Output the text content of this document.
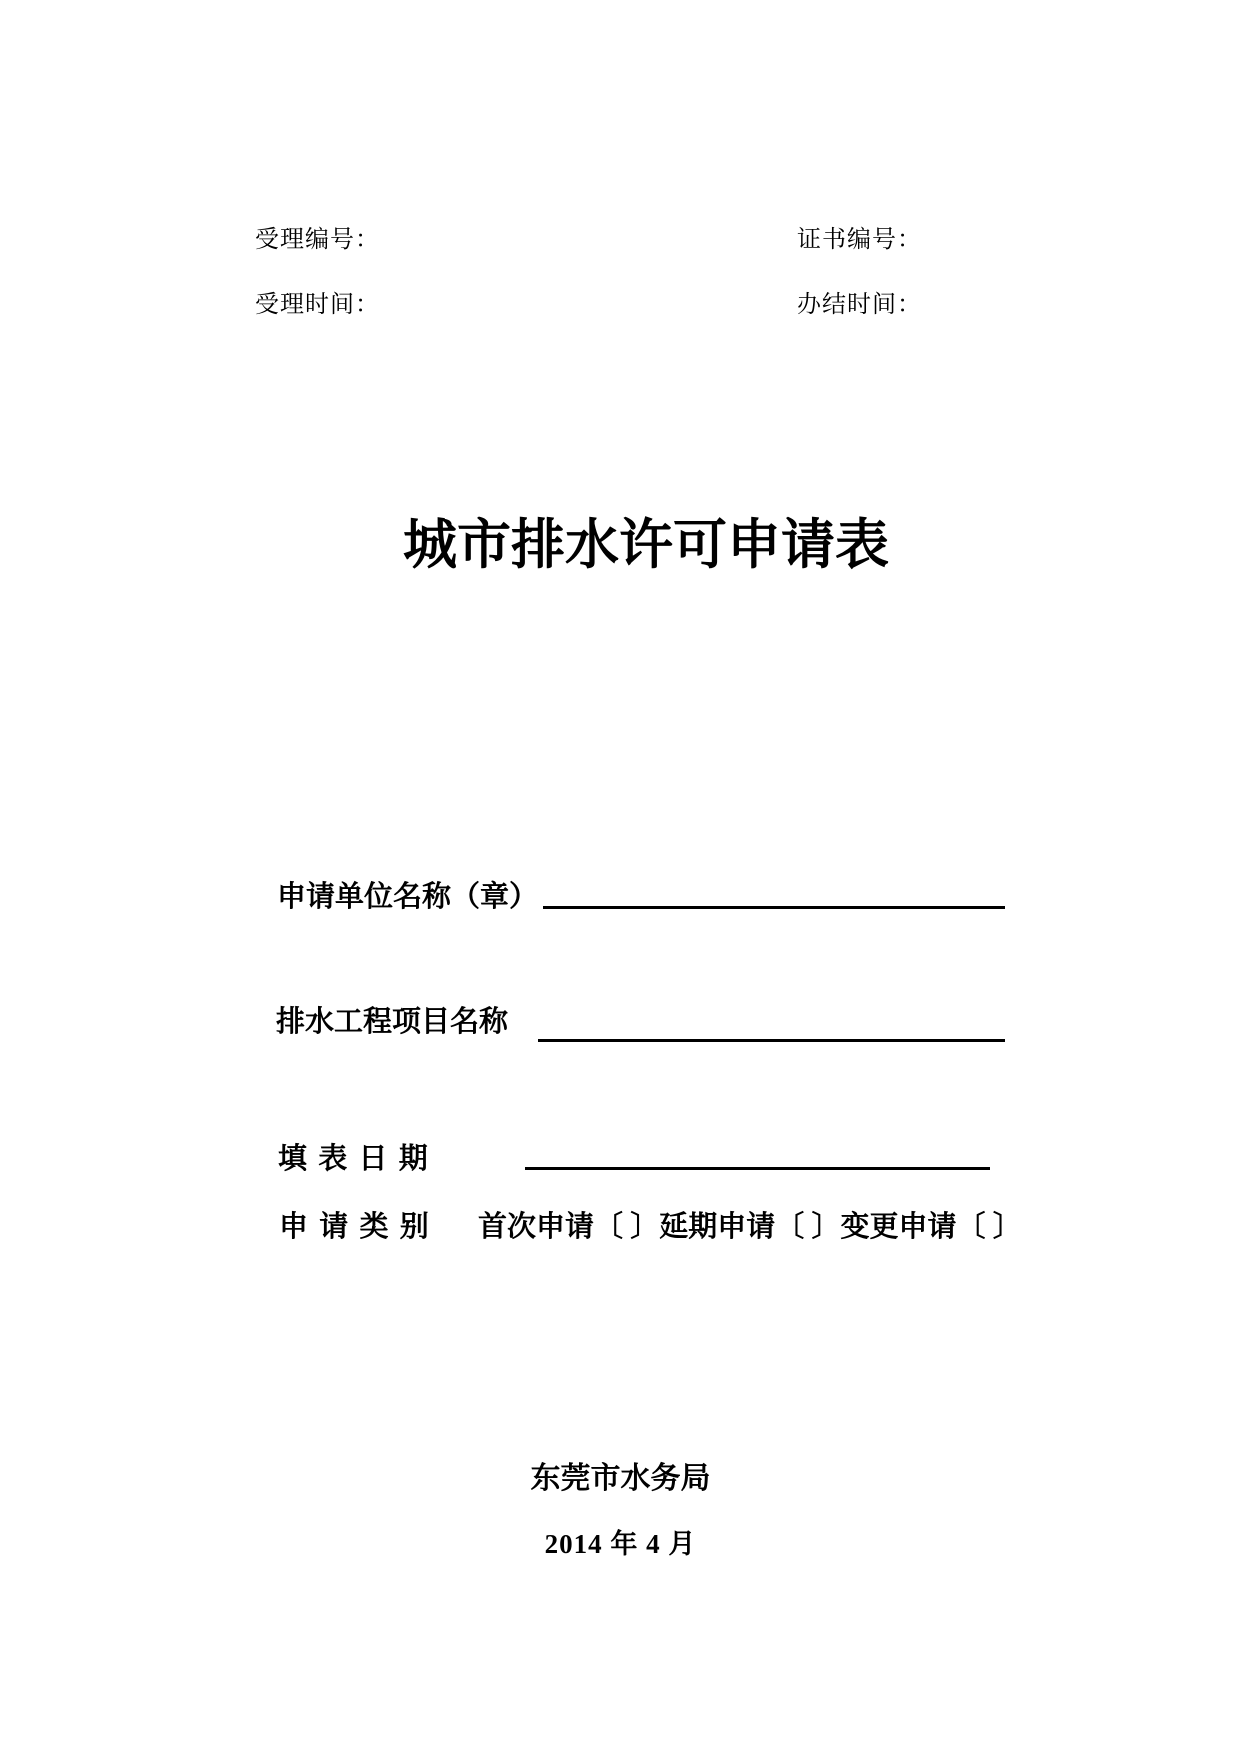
受理编号：	证书编号：
受理时间：	办结时间：
城市排水许可申请表
申请单位名称（章）
排水工程项目名称
填 表 日 期
申 请 类 别 首次申请〔 〕延期申请〔 〕变更申请〔 〕
东莞市水务局
2014 年 4 月
